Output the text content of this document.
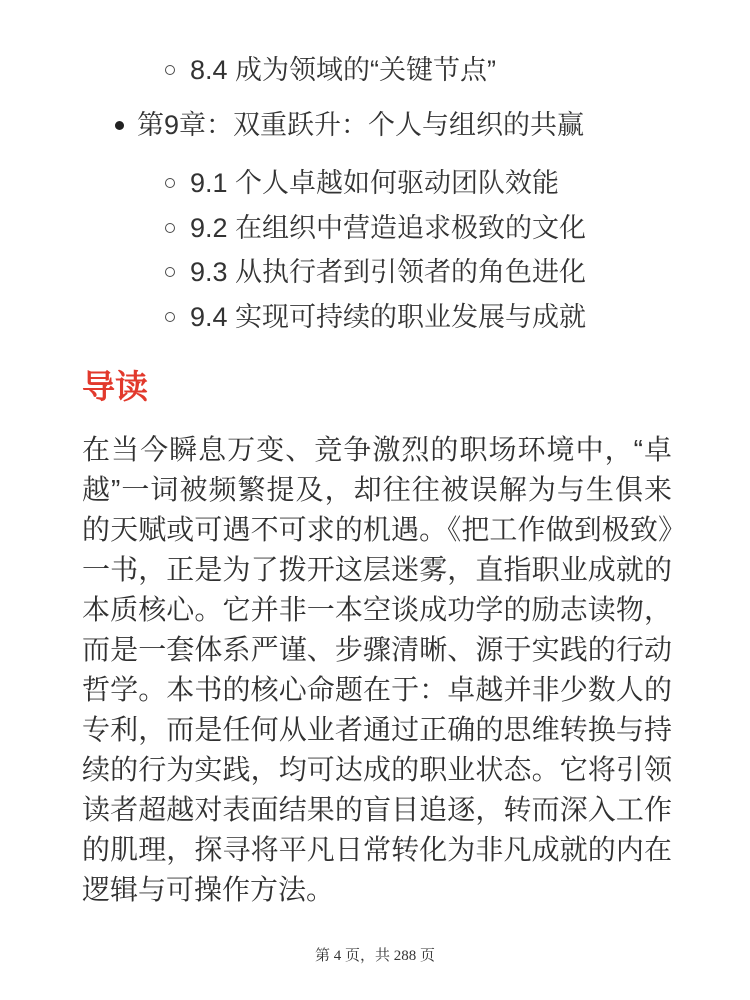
8.4 成为领域的“关键节点”
第9章：双重跃升：个人与组织的共赢
9.1 个人卓越如何驱动团队效能
9.2 在组织中营造追求极致的文化
9.3 从执行者到引领者的角色进化
9.4 实现可持续的职业发展与成就
导读

在当今瞬息万变、竞争激烈的职场环境中，“卓越”一词被频繁提及，却往往被误解为与生俱来的天赋或可遇不可求的机遇。《把工作做到极致》一书，正是为了拨开这层迷雾，直指职业成就的本质核心。它并非一本空谈成功学的励志读物，而是一套体系严谨、步骤清晰、源于实践的行动哲学。本书的核心命题在于：卓越并非少数人的专利，而是任何从业者通过正确的思维转换与持续的行为实践，均可达成的职业状态。它将引领读者超越对表面结果的盲目追逐，转而深入工作的肌理，探寻将平凡日常转化为非凡成就的内在逻辑与可操作方法。

第 4 页，共 288 页
